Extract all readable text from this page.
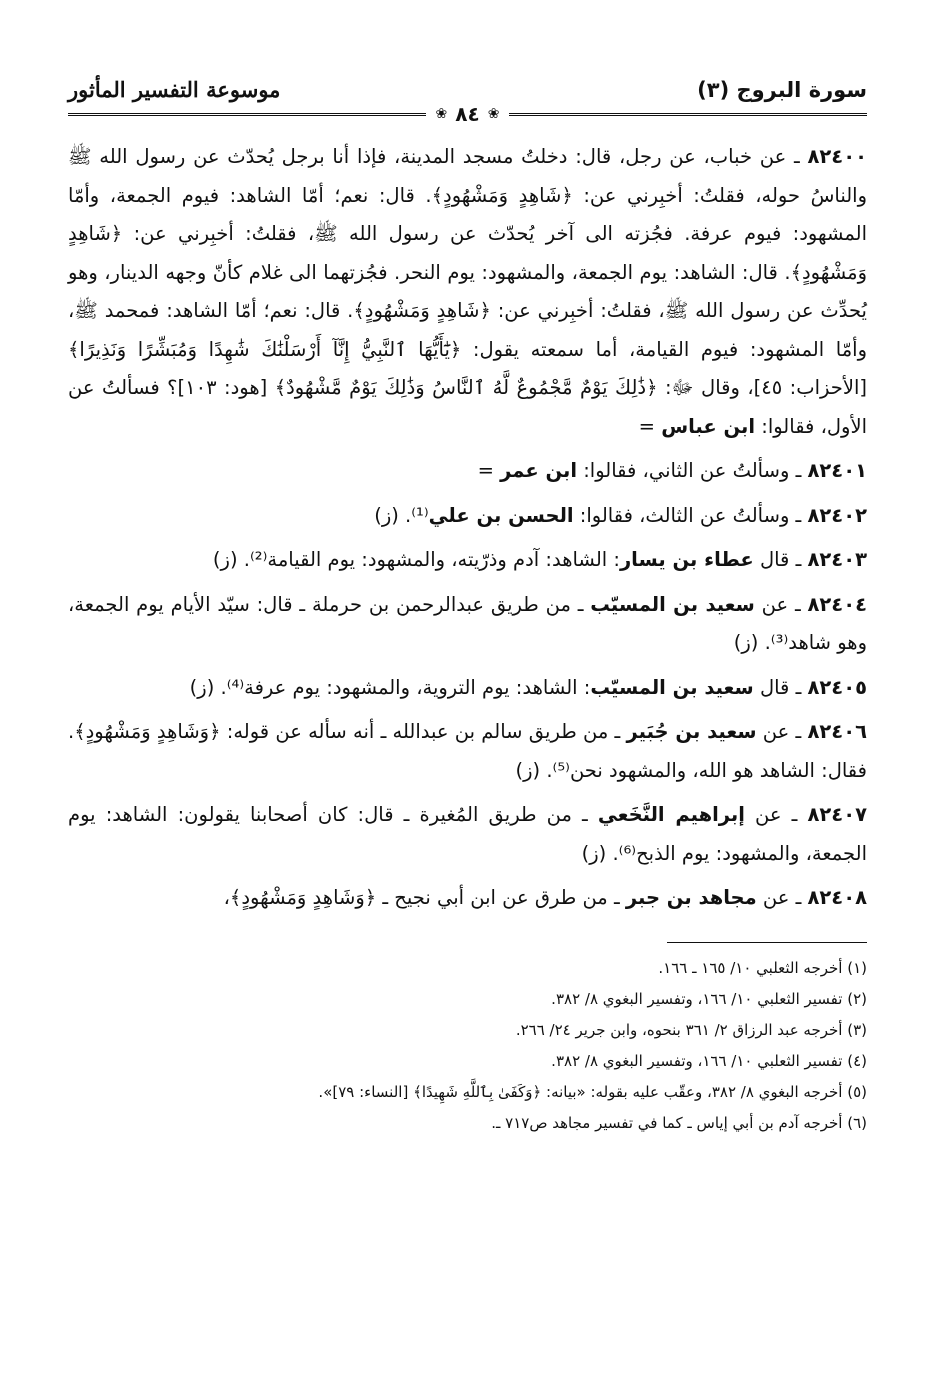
سورة البروج (٣)
موسوعة التفسير المأثور
❀
٨٤
❀

٨٢٤٠٠ ـ عن خباب، عن رجل، قال: دخلتُ مسجد المدينة، فإذا أنا برجل يُحدّث عن رسول الله ﷺ والناسُ حوله، فقلتُ: أخبِرني عن: ﴿شَاهِدٍ وَمَشْهُودٍ﴾. قال: نعم؛ أمّا الشاهد: فيوم الجمعة، وأمّا المشهود: فيوم عرفة. فجُزته الى آخر يُحدّث عن رسول الله ﷺ، فقلتُ: أخبِرني عن: ﴿شَاهِدٍ وَمَشْهُودٍ﴾. قال: الشاهد: يوم الجمعة، والمشهود: يوم النحر. فجُزتهما الى غلام كأنّ وجهه الدينار، وهو يُحدِّث عن رسول الله ﷺ، فقلتُ: أخبِرني عن: ﴿شَاهِدٍ وَمَشْهُودٍ﴾. قال: نعم؛ أمّا الشاهد: فمحمد ﷺ، وأمّا المشهود: فيوم القيامة، أما سمعته يقول: ﴿يَٰٓأَيُّهَا ٱلنَّبِيُّ إِنَّآ أَرْسَلْنَٰكَ شَٰهِدًا وَمُبَشِّرًا وَنَذِيرًا﴾ [الأحزاب: ٤٥]، وقال ﷻ: ﴿ذَٰلِكَ يَوْمٌ مَّجْمُوعٌ لَّهُ ٱلنَّاسُ وَذَٰلِكَ يَوْمٌ مَّشْهُودٌ﴾ [هود: ١٠٣]؟ فسألتُ عن الأول، فقالوا: ابن عباس =

٨٢٤٠١ ـ وسألتُ عن الثاني، فقالوا: ابن عمر =

٨٢٤٠٢ ـ وسألتُ عن الثالث، فقالوا: الحسن بن علي⁽¹⁾. (ز)

٨٢٤٠٣ ـ قال عطاء بن يسار: الشاهد: آدم وذرّيته، والمشهود: يوم القيامة⁽²⁾. (ز)

٨٢٤٠٤ ـ عن سعيد بن المسيّب ـ من طريق عبدالرحمن بن حرملة ـ قال: سيّد الأيام يوم الجمعة، وهو شاهد⁽³⁾. (ز)

٨٢٤٠٥ ـ قال سعيد بن المسيّب: الشاهد: يوم التروية، والمشهود: يوم عرفة⁽⁴⁾. (ز)

٨٢٤٠٦ ـ عن سعيد بن جُبَير ـ من طريق سالم بن عبدالله ـ أنه سأله عن قوله: ﴿وَشَاهِدٍ وَمَشْهُودٍ﴾. فقال: الشاهد هو الله، والمشهود نحن⁽⁵⁾. (ز)

٨٢٤٠٧ ـ عن إبراهيم النَّخَعي ـ من طريق المُغيرة ـ قال: كان أصحابنا يقولون: الشاهد: يوم الجمعة، والمشهود: يوم الذبح⁽⁶⁾. (ز)

٨٢٤٠٨ ـ عن مجاهد بن جبر ـ من طرق عن ابن أبي نجيح ـ ﴿وَشَاهِدٍ وَمَشْهُودٍ﴾،

(١) أخرجه الثعلبي ١٠/ ١٦٥ ـ ١٦٦.

(٢) تفسير الثعلبي ١٠/ ١٦٦، وتفسير البغوي ٨/ ٣٨٢.

(٣) أخرجه عبد الرزاق ٢/ ٣٦١ بنحوه، وابن جرير ٢٤/ ٢٦٦.

(٤) تفسير الثعلبي ١٠/ ١٦٦، وتفسير البغوي ٨/ ٣٨٢.

(٥) أخرجه البغوي ٨/ ٣٨٢، وعقّب عليه بقوله: «بيانه: ﴿وَكَفَىٰ بِٱللَّهِ شَهِيدًا﴾ [النساء: ٧٩]».

(٦) أخرجه آدم بن أبي إياس ـ كما في تفسير مجاهد ص٧١٧ ـ.
